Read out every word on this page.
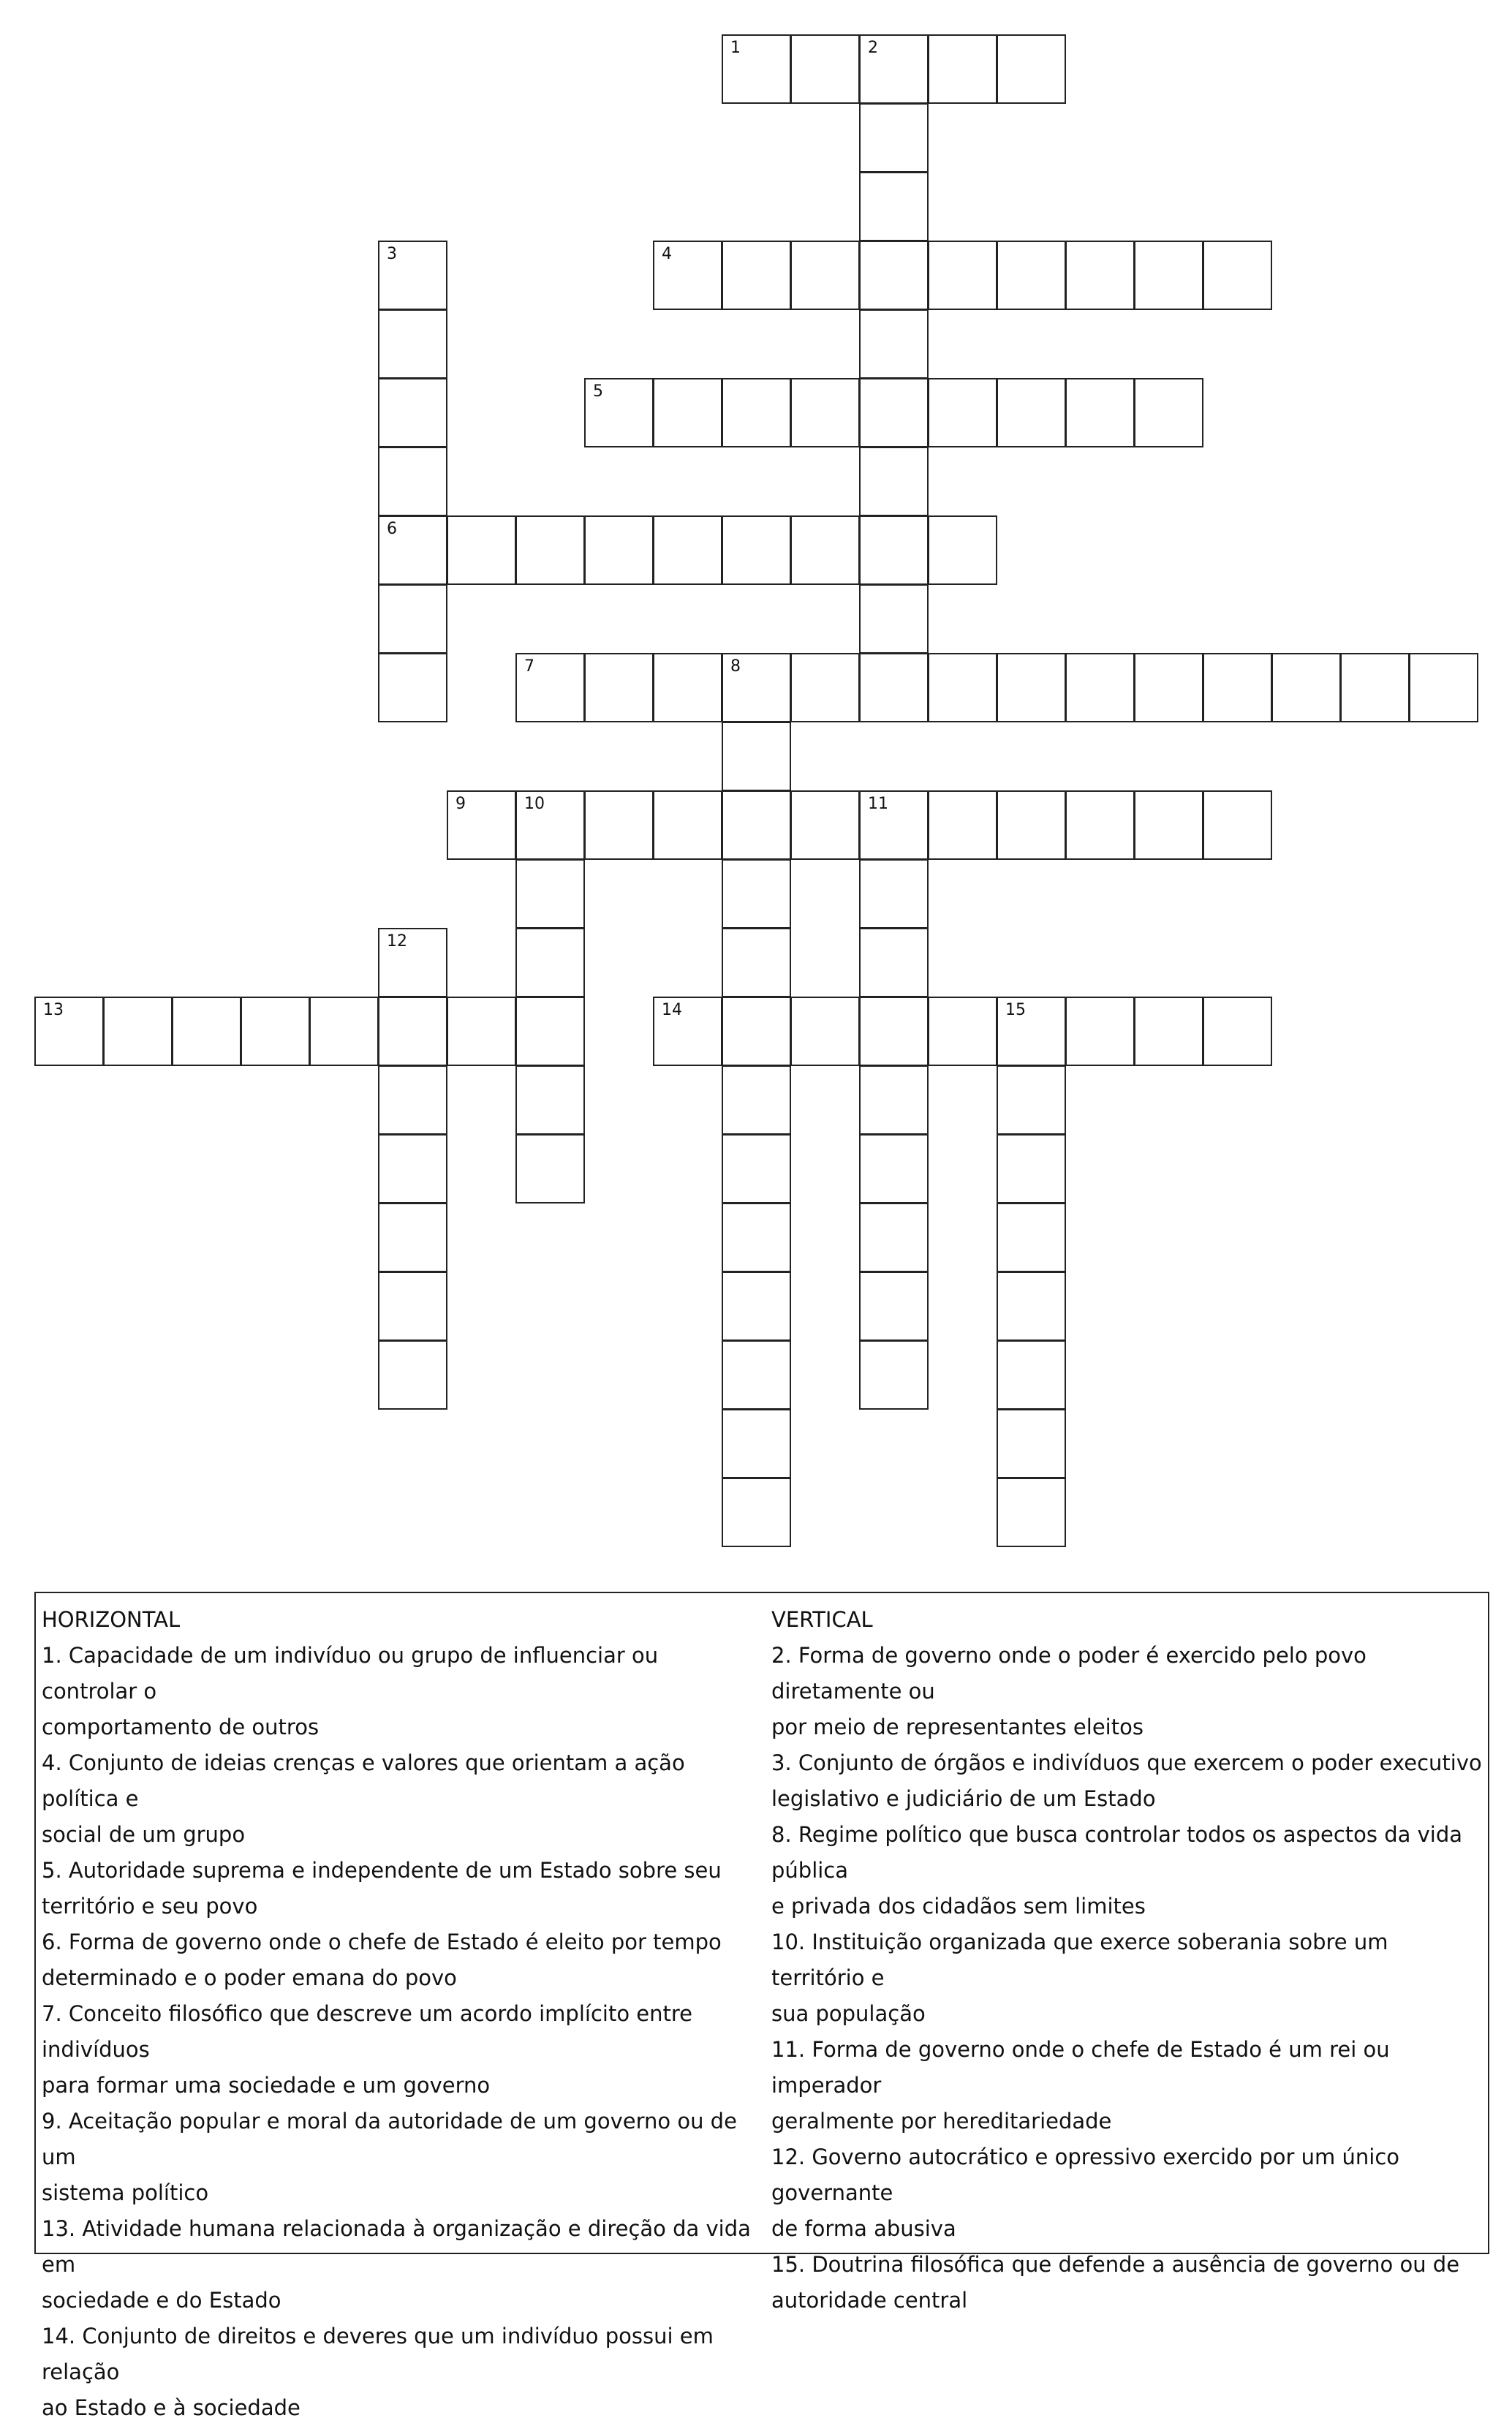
1	2
3
6
4
5
7	8
9	10	11
12
13	14	15

HORIZONTAL

1. Capacidade de um indivíduo ou grupo de influenciar ou controlar o

comportamento de outros

4. Conjunto de ideias crenças e valores que orientam a ação política e

social de um grupo

5. Autoridade suprema e independente de um Estado sobre seu

território e seu povo

6. Forma de governo onde o chefe de Estado é eleito por tempo

determinado e o poder emana do povo

7. Conceito filosófico que descreve um acordo implícito entre indivíduos

para formar uma sociedade e um governo

9. Aceitação popular e moral da autoridade de um governo ou de um

sistema político

13. Atividade humana relacionada à organização e direção da vida em

sociedade e do Estado

14. Conjunto de direitos e deveres que um indivíduo possui em relação

ao Estado e à sociedade

VERTICAL

2. Forma de governo onde o poder é exercido pelo povo diretamente ou

por meio de representantes eleitos

3. Conjunto de órgãos e indivíduos que exercem o poder executivo

legislativo e judiciário de um Estado

8. Regime político que busca controlar todos os aspectos da vida pública

e privada dos cidadãos sem limites

10. Instituição organizada que exerce soberania sobre um território e

sua população

11. Forma de governo onde o chefe de Estado é um rei ou imperador

geralmente por hereditariedade

12. Governo autocrático e opressivo exercido por um único governante

de forma abusiva

15. Doutrina filosófica que defende a ausência de governo ou de

autoridade central
